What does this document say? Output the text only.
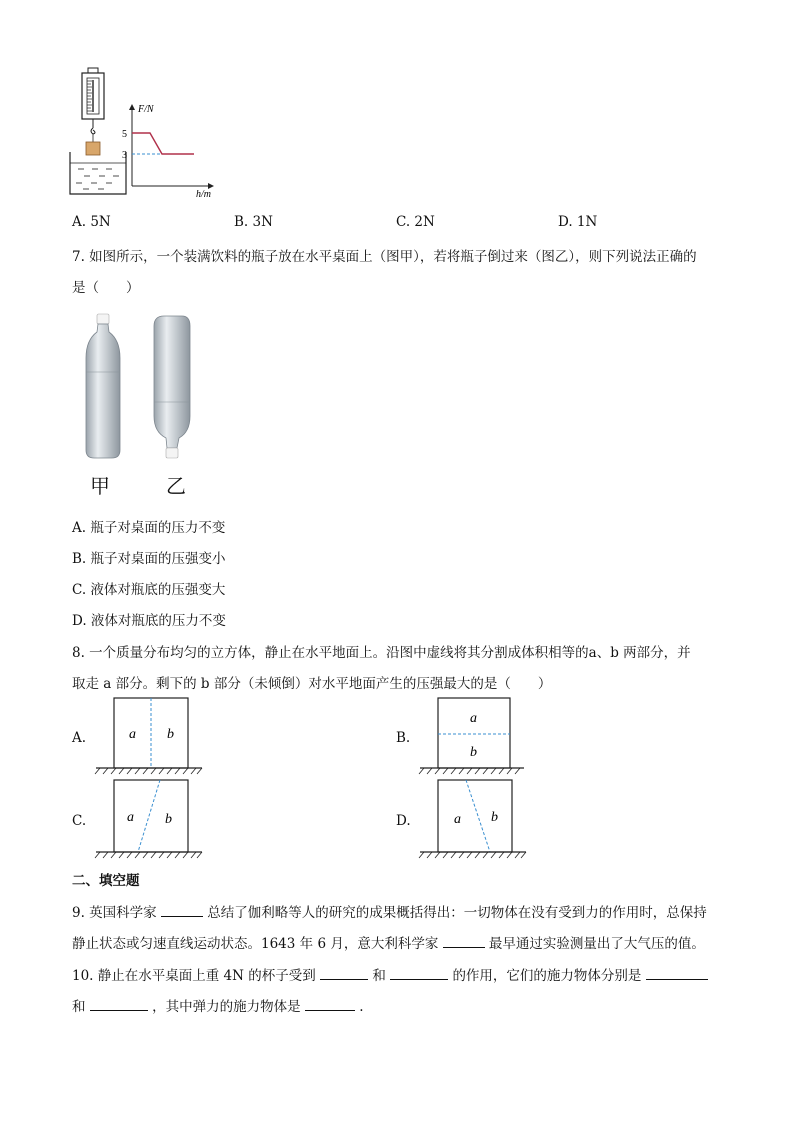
F/N
h/m
5
3
A. 5N	B. 3N	C. 2N	D. 1N
7. 如图所示，一个装满饮料的瓶子放在水平桌面上（图甲），若将瓶子倒过来（图乙），则下列说法正确的
是（　　）
甲	乙
A. 瓶子对桌面的压力不变
B. 瓶子对桌面的压强变小
C. 液体对瓶底的压强变大
D. 液体对瓶底的压力不变
8. 一个质量分布均匀的立方体，静止在水平地面上。沿图中虚线将其分割成体积相等的a、b 两部分，并
取走 a 部分。剩下的 b 部分（未倾倒）对水平地面产生的压强最大的是（　　）
A.	a b	B.
a
b
C.	a b	D.	a b
二、填空题
9. 英国科学家	总结了伽利略等人的研究的成果概括得出：一切物体在没有受到力的作用时，总保持
静止状态或匀速直线运动状态。1643 年 6 月，意大利科学家	最早通过实验测量出了大气压的值。
10. 静止在水平桌面上重 4N 的杯子受到	和	的作用，它们的施力物体分别是
和	，其中弹力的施力物体是	.
